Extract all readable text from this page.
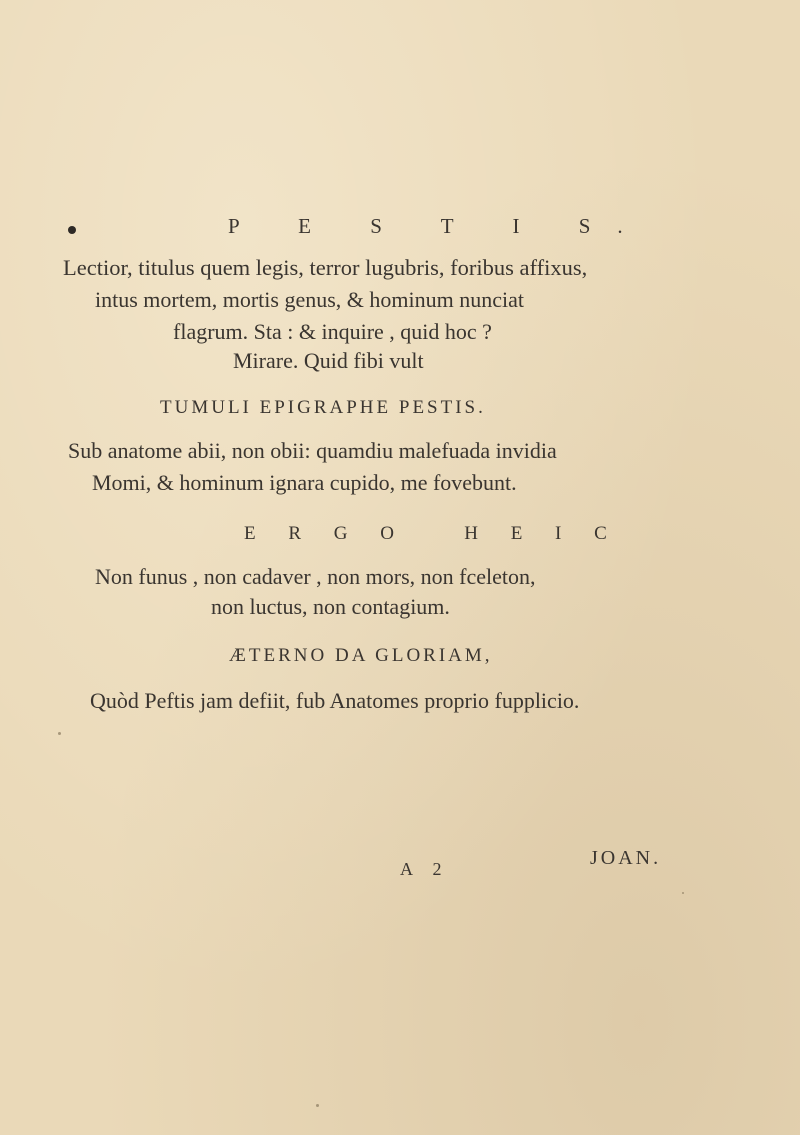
P E S T I S.
Lectior, titulus quem legis, terror lugubris, foribus affixus,
intus mortem, mortis genus, & hominum nunciat
flagrum. Sta : & inquire , quid hoc ?
Mirare. Quid fibi vult
TUMULI EPIGRAPHE PESTIS.
Sub anatome abii, non obii: quamdiu malefuada invidia
Momi, & hominum ignara cupido, me fovebunt.
E R G O   H E I C
Non funus , non cadaver , non mors, non fceleton,
non luctus, non contagium.
ÆTERNO DA GLORIAM,
Quòd Peftis jam defiit, fub Anatomes proprio fupplicio.
A 2	JOAN.
